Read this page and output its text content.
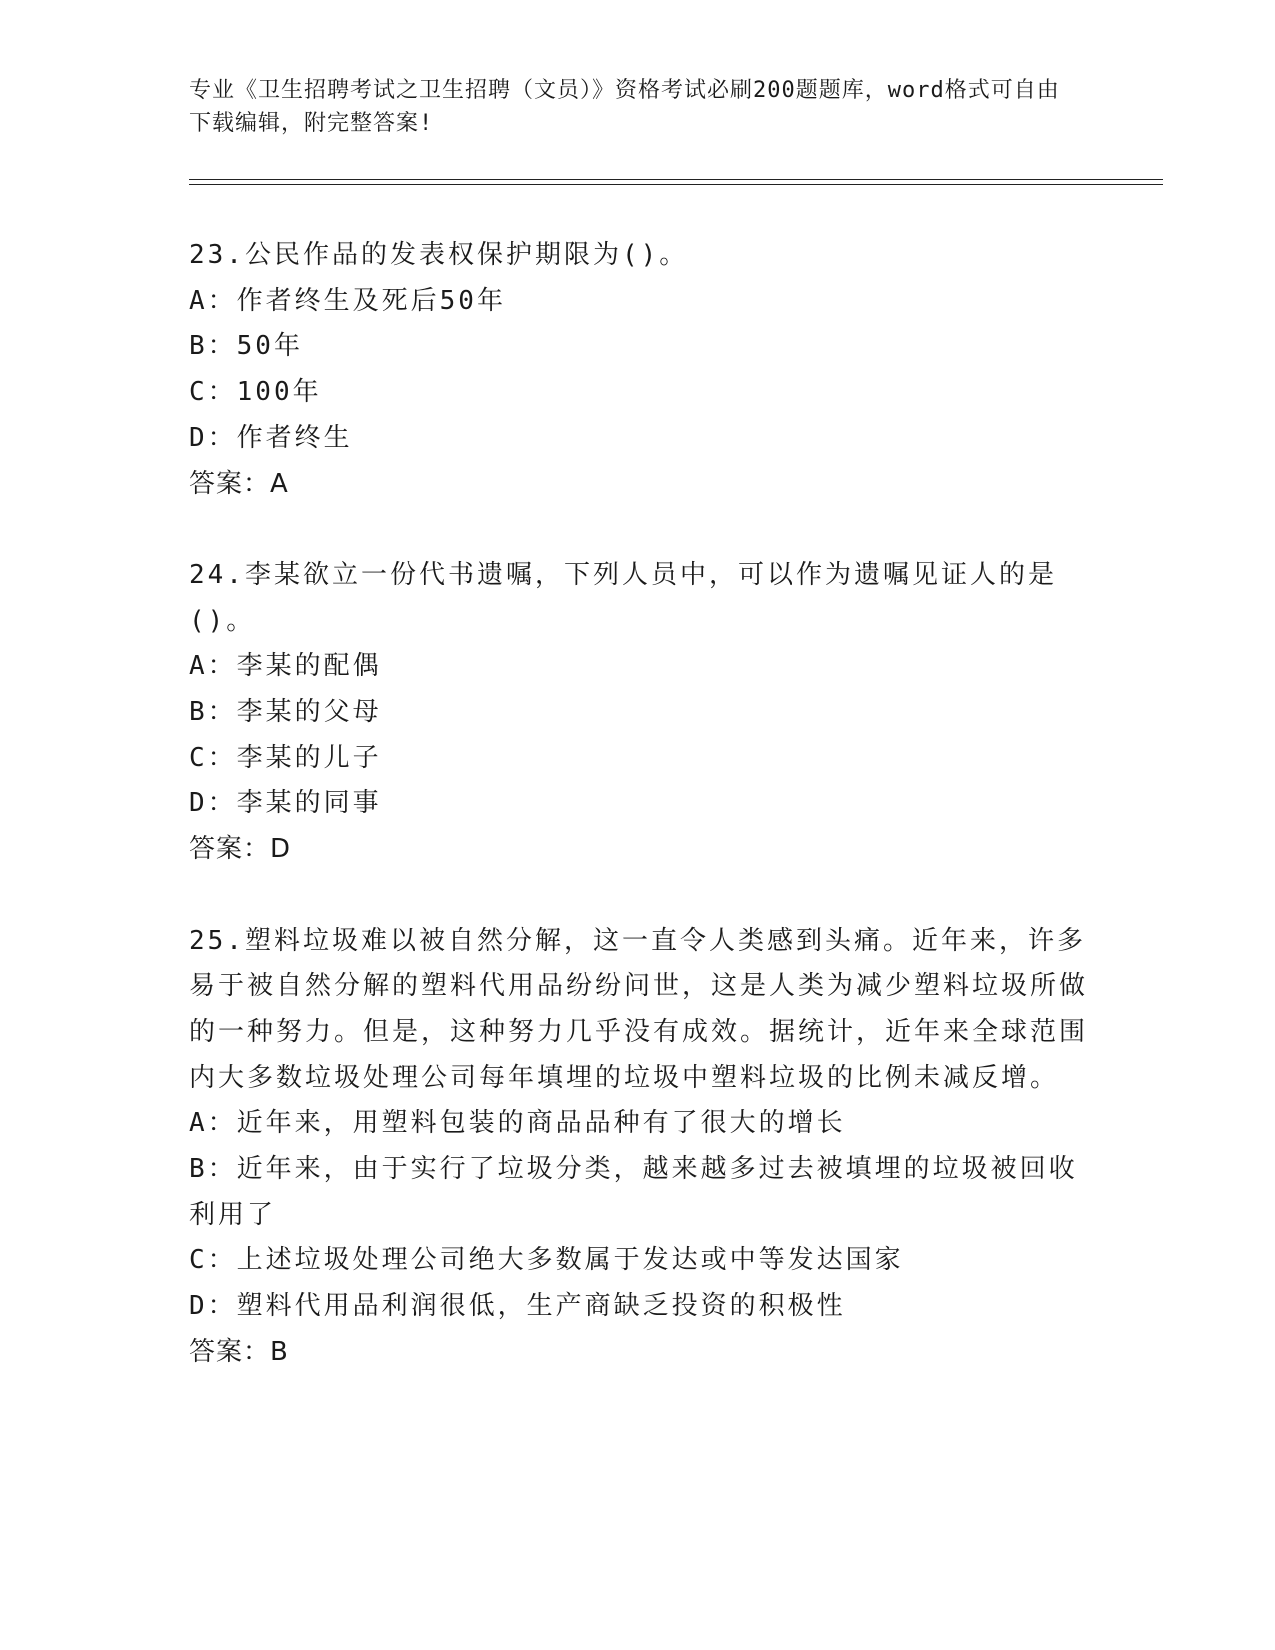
专业《卫生招聘考试之卫生招聘（文员）》资格考试必刷200题题库，word格式可自由下载编辑，附完整答案!
23.公民作品的发表权保护期限为()。
A：作者终生及死后50年
B：50年
C：100年
D：作者终生
答案：A
24.李某欲立一份代书遗嘱，下列人员中，可以作为遗嘱见证人的是()。
A：李某的配偶
B：李某的父母
C：李某的儿子
D：李某的同事
答案：D
25.塑料垃圾难以被自然分解，这一直令人类感到头痛。近年来，许多易于被自然分解的塑料代用品纷纷问世，这是人类为减少塑料垃圾所做的一种努力。但是，这种努力几乎没有成效。据统计，近年来全球范围内大多数垃圾处理公司每年填埋的垃圾中塑料垃圾的比例未减反增。
A：近年来，用塑料包装的商品品种有了很大的增长
B：近年来，由于实行了垃圾分类，越来越多过去被填埋的垃圾被回收利用了
C：上述垃圾处理公司绝大多数属于发达或中等发达国家
D：塑料代用品利润很低，生产商缺乏投资的积极性
答案：B
